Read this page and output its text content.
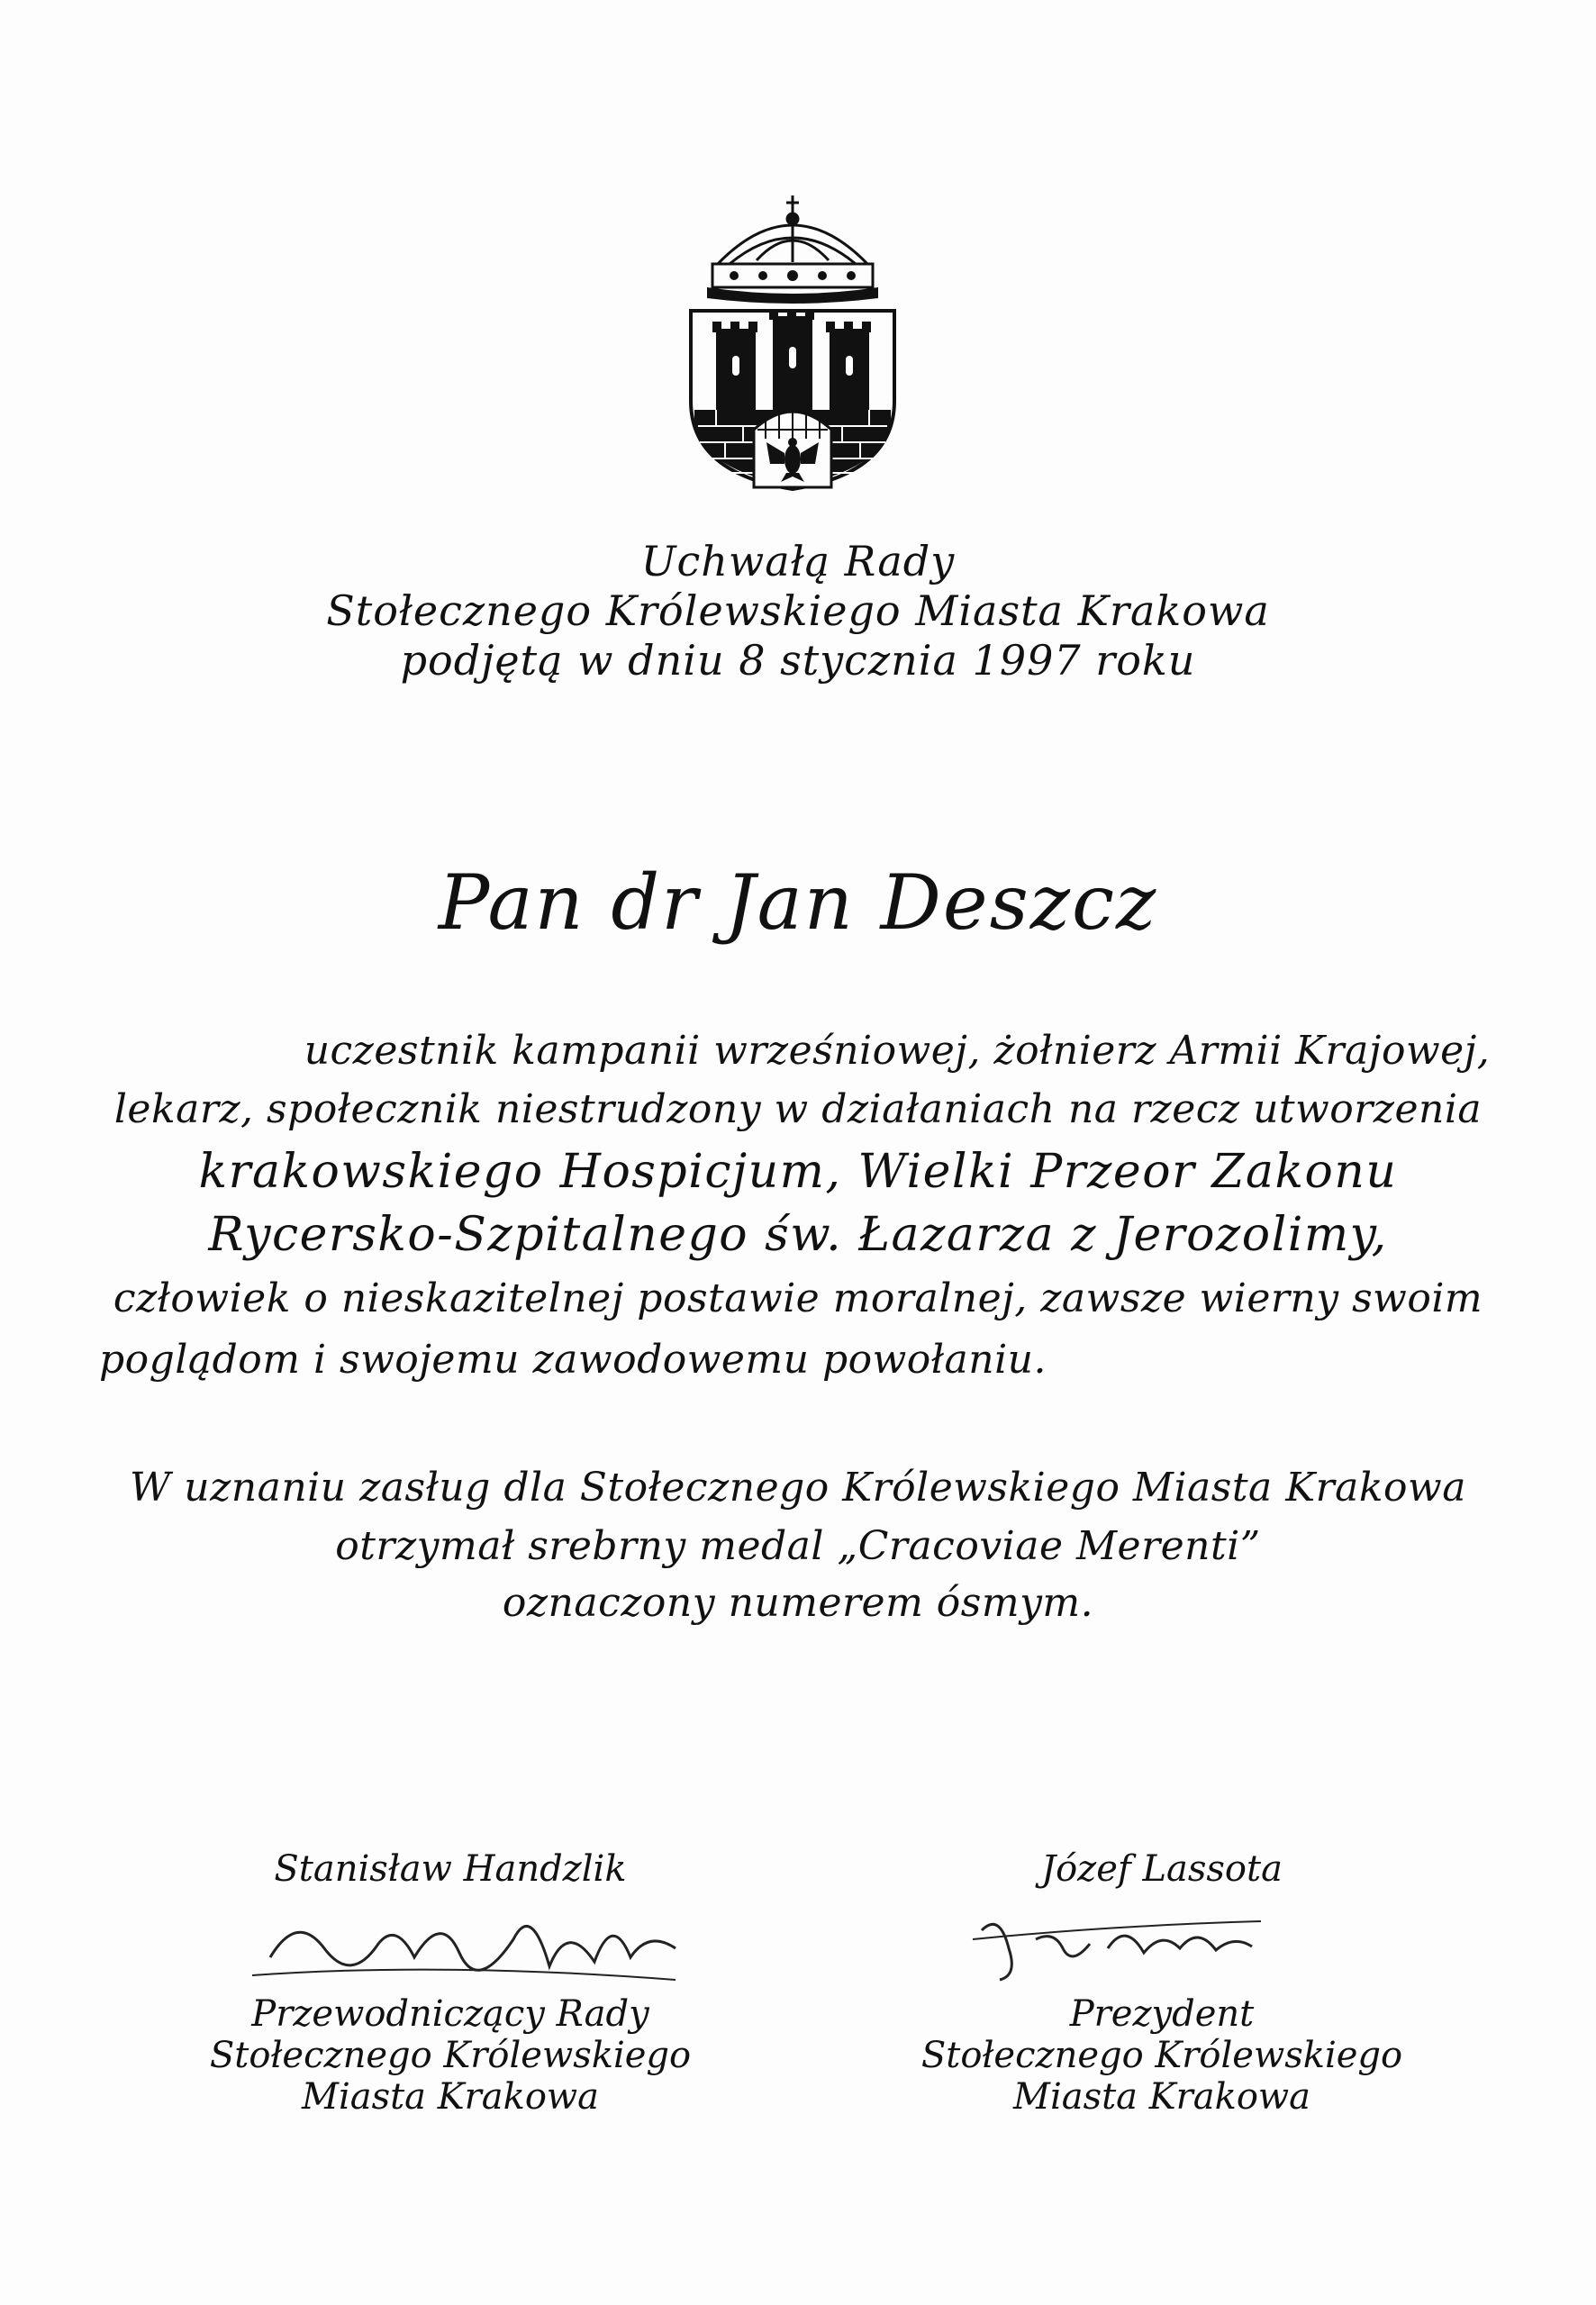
Uchwałą Rady
Stołecznego Królewskiego Miasta Krakowa
podjętą w dniu 8 stycznia 1997 roku
Pan dr Jan Deszcz
uczestnik kampanii wrześniowej, żołnierz Armii Krajowej,
lekarz, społecznik niestrudzony w działaniach na rzecz utworzenia
krakowskiego Hospicjum, Wielki Przeor Zakonu
Rycersko-Szpitalnego św. Łazarza z Jerozolimy,
człowiek o nieskazitelnej postawie moralnej, zawsze wierny swoim
poglądom i swojemu zawodowemu powołaniu.
W uznaniu zasług dla Stołecznego Królewskiego Miasta Krakowa
otrzymał srebrny medal „Cracoviae Merenti”
oznaczony numerem ósmym.
Stanisław Handzlik
Przewodniczący Rady
Stołecznego Królewskiego
Miasta Krakowa
Józef Lassota
Prezydent
Stołecznego Królewskiego
Miasta Krakowa
